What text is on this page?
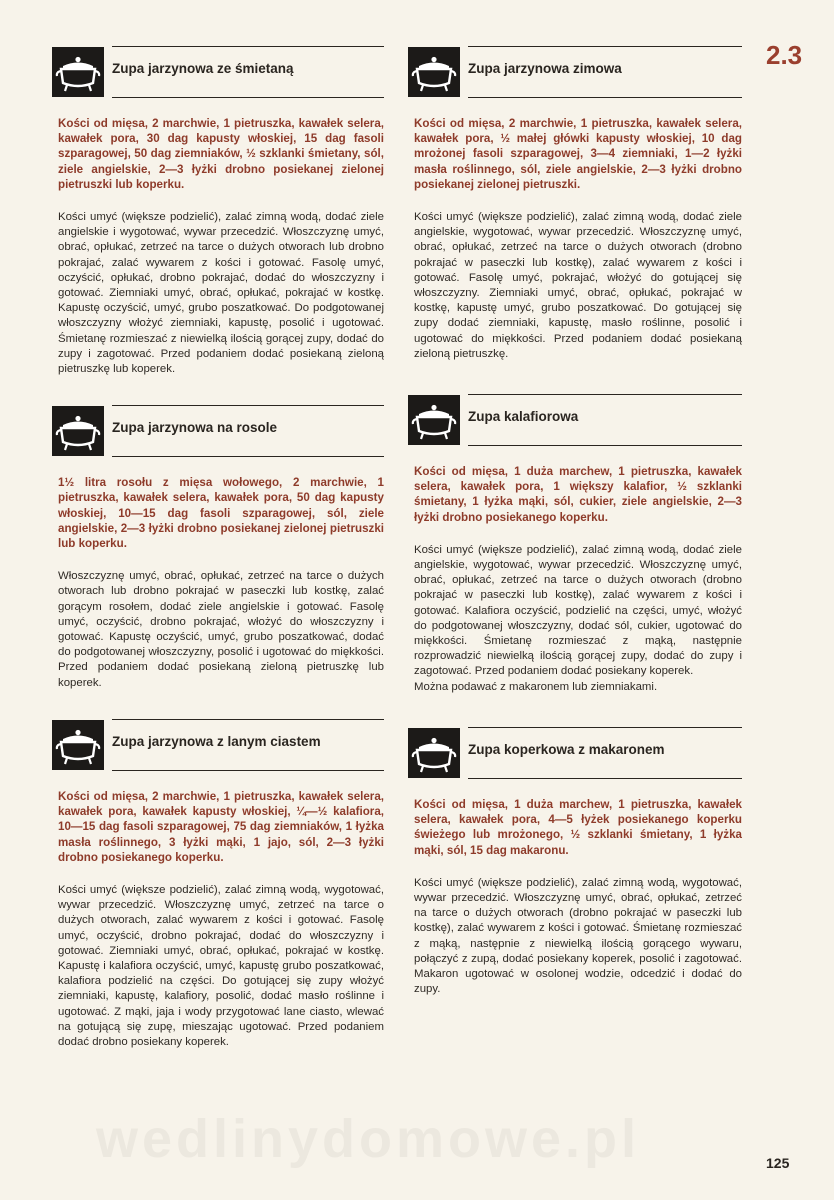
wedlinydomowe.pl
2.3
Zupa jarzynowa ze śmietaną
Kości od mięsa, 2 marchwie, 1 pietruszka, kawałek selera, kawałek pora, 30 dag kapusty włoskiej, 15 dag fasoli szparagowej, 50 dag ziemniaków, ½ szklanki śmietany, sól, ziele angielskie, 2—3 łyżki drobno posiekanej zielonej pietruszki lub koperku.
Kości umyć (większe podzielić), zalać zimną wodą, dodać ziele angielskie i wygotować, wywar przecedzić. Włoszczyznę umyć, obrać, opłukać, zetrzeć na tarce o dużych otworach lub drobno pokrajać, zalać wywarem z kości i gotować. Fasolę umyć, oczyścić, opłukać, drobno pokrajać, dodać do włoszczyzny i gotować. Ziemniaki umyć, obrać, opłukać, pokrajać w kostkę. Kapustę oczyścić, umyć, grubo poszatkować. Do podgotowanej włoszczyzny włożyć ziemniaki, kapustę, posolić i ugotować. Śmietanę rozmieszać z niewielką ilością gorącej zupy, dodać do zupy i zagotować. Przed podaniem dodać posiekaną zieloną pietruszkę lub koperek.
Zupa jarzynowa na rosole
1½ litra rosołu z mięsa wołowego, 2 marchwie, 1 pietruszka, kawałek selera, kawałek pora, 50 dag kapusty włoskiej, 10—15 dag fasoli szparagowej, sól, ziele angielskie, 2—3 łyżki drobno posiekanej zielonej pietruszki lub koperku.
Włoszczyznę umyć, obrać, opłukać, zetrzeć na tarce o dużych otworach lub drobno pokrajać w paseczki lub kostkę, zalać gorącym rosołem, dodać ziele angielskie i gotować. Fasolę umyć, oczyścić, drobno pokrajać, włożyć do włoszczyzny i gotować. Kapustę oczyścić, umyć, grubo poszatkować, dodać do podgotowanej włoszczyzny, posolić i ugotować do miękkości. Przed podaniem dodać posiekaną zieloną pietruszkę lub koperek.
Zupa jarzynowa z lanym ciastem
Kości od mięsa, 2 marchwie, 1 pietruszka, kawałek selera, kawałek pora, kawałek kapusty włoskiej, ¼—½ kalafiora, 10—15 dag fasoli szparagowej, 75 dag ziemniaków, 1 łyżka masła roślinnego, 3 łyżki mąki, 1 jajo, sól, 2—3 łyżki drobno posiekanego koperku.
Kości umyć (większe podzielić), zalać zimną wodą, wygotować, wywar przecedzić. Włoszczyznę umyć, zetrzeć na tarce o dużych otworach, zalać wywarem z kości i gotować. Fasolę umyć, oczyścić, drobno pokrajać, dodać do włoszczyzny i gotować. Ziemniaki umyć, obrać, opłukać, pokrajać w kostkę. Kapustę i kalafiora oczyścić, umyć, kapustę grubo poszatkować, kalafiora podzielić na części. Do gotującej się zupy włożyć ziemniaki, kapustę, kalafiory, posolić, dodać masło roślinne i ugotować. Z mąki, jaja i wody przygotować lane ciasto, wlewać na gotującą się zupę, mieszając ugotować. Przed podaniem dodać drobno posiekany koperek.
Zupa jarzynowa zimowa
Kości od mięsa, 2 marchwie, 1 pietruszka, kawałek selera, kawałek pora, ½ małej główki kapusty włoskiej, 10 dag mrożonej fasoli szparagowej, 3—4 ziemniaki, 1—2 łyżki masła roślinnego, sól, ziele angielskie, 2—3 łyżki drobno posiekanej zielonej pietruszki.
Kości umyć (większe podzielić), zalać zimną wodą, dodać ziele angielskie, wygotować, wywar przecedzić. Włoszczyznę umyć, obrać, opłukać, zetrzeć na tarce o dużych otworach (drobno pokrajać w paseczki lub kostkę), zalać wywarem z kości i gotować. Fasolę umyć, pokrajać, włożyć do gotującej się włoszczyzny. Ziemniaki umyć, obrać, opłukać, pokrajać w kostkę, kapustę umyć, grubo poszatkować. Do gotującej się zupy dodać ziemniaki, kapustę, masło roślinne, posolić i ugotować do miękkości. Przed podaniem dodać posiekaną zieloną pietruszkę.
Zupa kalafiorowa
Kości od mięsa, 1 duża marchew, 1 pietruszka, kawałek selera, kawałek pora, 1 większy kalafior, ½ szklanki śmietany, 1 łyżka mąki, sól, cukier, ziele angielskie, 2—3 łyżki drobno posiekanego koperku.
Kości umyć (większe podzielić), zalać zimną wodą, dodać ziele angielskie, wygotować, wywar przecedzić. Włoszczyznę umyć, obrać, opłukać, zetrzeć na tarce o dużych otworach (drobno pokrajać w paseczki lub kostkę), zalać wywarem z kości i gotować. Kalafiora oczyścić, podzielić na części, umyć, włożyć do podgotowanej włoszczyzny, dodać sól, cukier, ugotować do miękkości. Śmietanę rozmieszać z mąką, następnie rozprowadzić niewielką ilością gorącej zupy, dodać do zupy i zagotować. Przed podaniem dodać posiekany koperek.
Można podawać z makaronem lub ziemniakami.
Zupa koperkowa z makaronem
Kości od mięsa, 1 duża marchew, 1 pietruszka, kawałek selera, kawałek pora, 4—5 łyżek posiekanego koperku świeżego lub mrożonego, ½ szklanki śmietany, 1 łyżka mąki, sól, 15 dag makaronu.
Kości umyć (większe podzielić), zalać zimną wodą, wygotować, wywar przecedzić. Włoszczyznę umyć, obrać, opłukać, zetrzeć na tarce o dużych otworach (drobno pokrajać w paseczki lub kostkę), zalać wywarem z kości i gotować. Śmietanę rozmieszać z mąką, następnie z niewielką ilością gorącego wywaru, połączyć z zupą, dodać posiekany koperek, posolić i zagotować. Makaron ugotować w osolonej wodzie, odcedzić i dodać do zupy.
125
